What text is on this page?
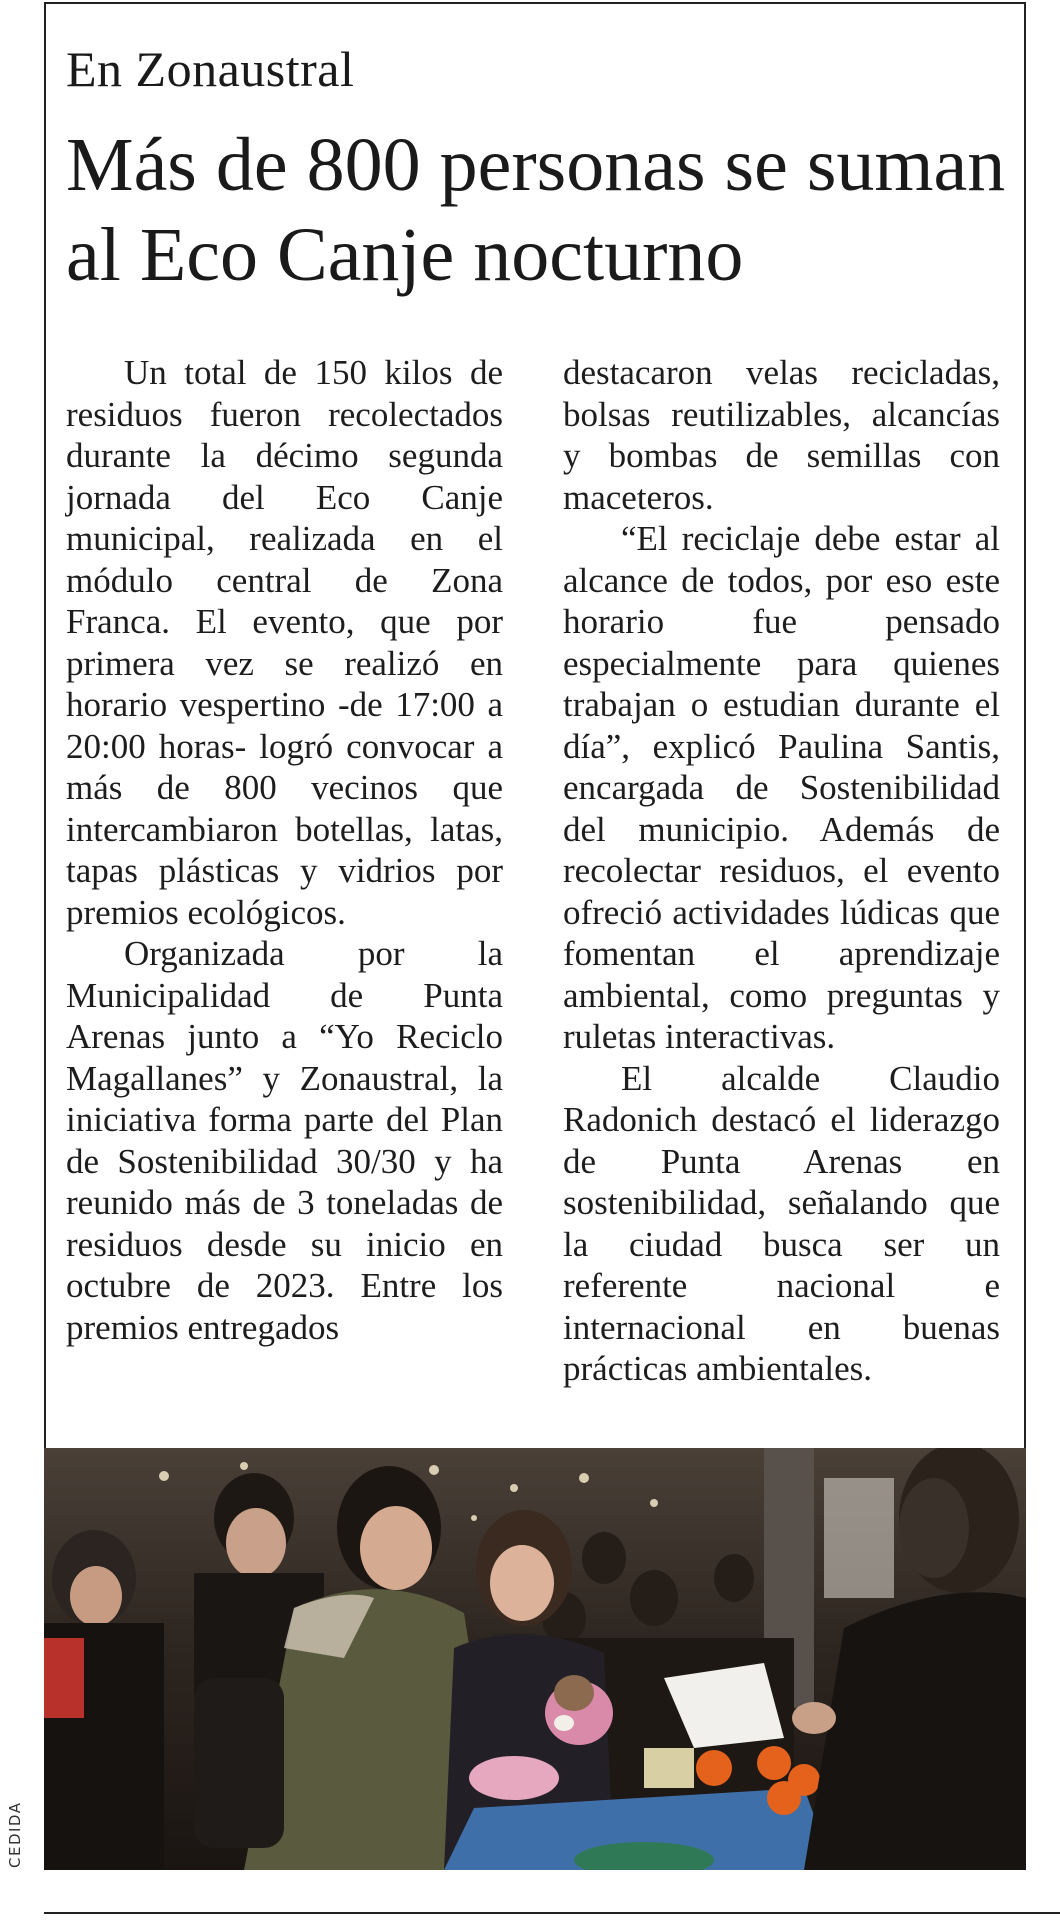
En Zonaustral
Más de 800 personas se suman al Eco Canje nocturno

Un total de 150 kilos de residuos fueron recolectados durante la décimo segunda jornada del Eco Canje municipal, realizada en el módulo central de Zona Franca. El evento, que por primera vez se realizó en horario vespertino -de 17:00 a 20:00 horas- logró convocar a más de 800 vecinos que intercambiaron botellas, latas, tapas plásticas y vidrios por premios ecológicos.

Organizada por la Municipalidad de Punta Arenas junto a “Yo Reciclo Magallanes” y Zonaustral, la iniciativa forma parte del Plan de Sostenibilidad 30/30 y ha reunido más de 3 toneladas de residuos desde su inicio en octubre de 2023. Entre los premios entregados

destacaron velas recicladas, bolsas reutilizables, alcancías y bombas de semillas con maceteros.

“El reciclaje debe estar al alcance de todos, por eso este horario fue pensado especialmente para quienes trabajan o estudian durante el día”, explicó Paulina Santis, encargada de Sostenibilidad del municipio. Además de recolectar residuos, el evento ofreció actividades lúdicas que fomentan el aprendizaje ambiental, como preguntas y ruletas interactivas.

El alcalde Claudio Radonich destacó el liderazgo de Punta Arenas en sostenibilidad, señalando que la ciudad busca ser un referente nacional e internacional en buenas prácticas ambientales.

CEDIDA
